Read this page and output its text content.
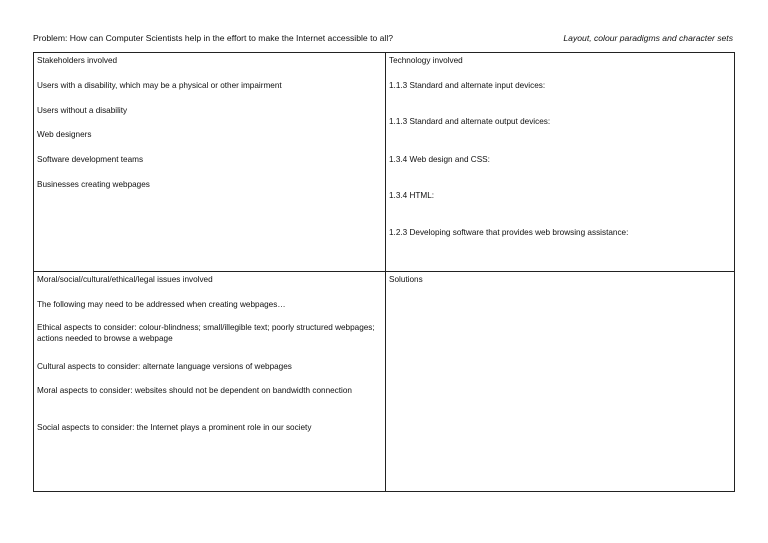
Problem: How can Computer Scientists help in the effort to make the Internet accessible to all?	Layout, colour paradigms and character sets
Stakeholders involved
Users with a disability, which may be a physical or other impairment
Users without a disability
Web designers
Software development teams
Businesses creating webpages
Technology involved
1.1.3 Standard and alternate input devices:
1.1.3 Standard and alternate output devices:
1.3.4 Web design and CSS:
1.3.4 HTML:
1.2.3 Developing software that provides web browsing assistance:
Moral/social/cultural/ethical/legal issues involved
The following may need to be addressed when creating webpages…
Ethical aspects to consider: colour-blindness; small/illegible text; poorly structured webpages; actions needed to browse a webpage
Cultural aspects to consider: alternate language versions of webpages
Moral aspects to consider: websites should not be dependent on bandwidth connection
Social aspects to consider: the Internet plays a prominent role in our society
Solutions
